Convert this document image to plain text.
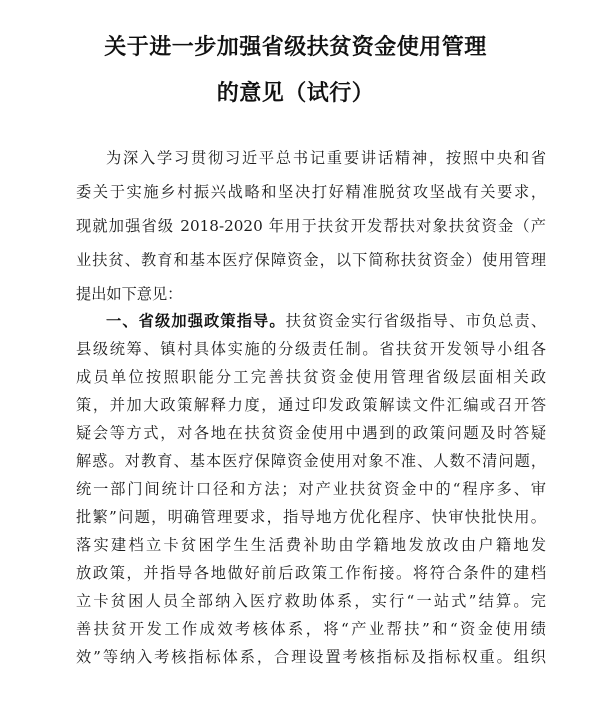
关于进一步加强省级扶贫资金使用管理
的意见（试行）
为深入学习贯彻习近平总书记重要讲话精神，按照中央和省
委关于实施乡村振兴战略和坚决打好精准脱贫攻坚战有关要求，
现就加强省级 2018-2020 年用于扶贫开发帮扶对象扶贫资金（产
业扶贫、教育和基本医疗保障资金，以下简称扶贫资金）使用管理
提出如下意见：
一、省级加强政策指导。扶贫资金实行省级指导、市负总责、
县级统筹、镇村具体实施的分级责任制。省扶贫开发领导小组各
成员单位按照职能分工完善扶贫资金使用管理省级层面相关政
策，并加大政策解释力度，通过印发政策解读文件汇编或召开答
疑会等方式，对各地在扶贫资金使用中遇到的政策问题及时答疑
解惑。对教育、基本医疗保障资金使用对象不准、人数不清问题，
统一部门间统计口径和方法；对产业扶贫资金中的“程序多、审
批繁”问题，明确管理要求，指导地方优化程序、快审快批快用。
落实建档立卡贫困学生生活费补助由学籍地发放改由户籍地发
放政策，并指导各地做好前后政策工作衔接。将符合条件的建档
立卡贫困人员全部纳入医疗救助体系，实行“一站式”结算。完
善扶贫开发工作成效考核体系，将“产业帮扶”和“资金使用绩
效”等纳入考核指标体系，合理设置考核指标及指标权重。组织
